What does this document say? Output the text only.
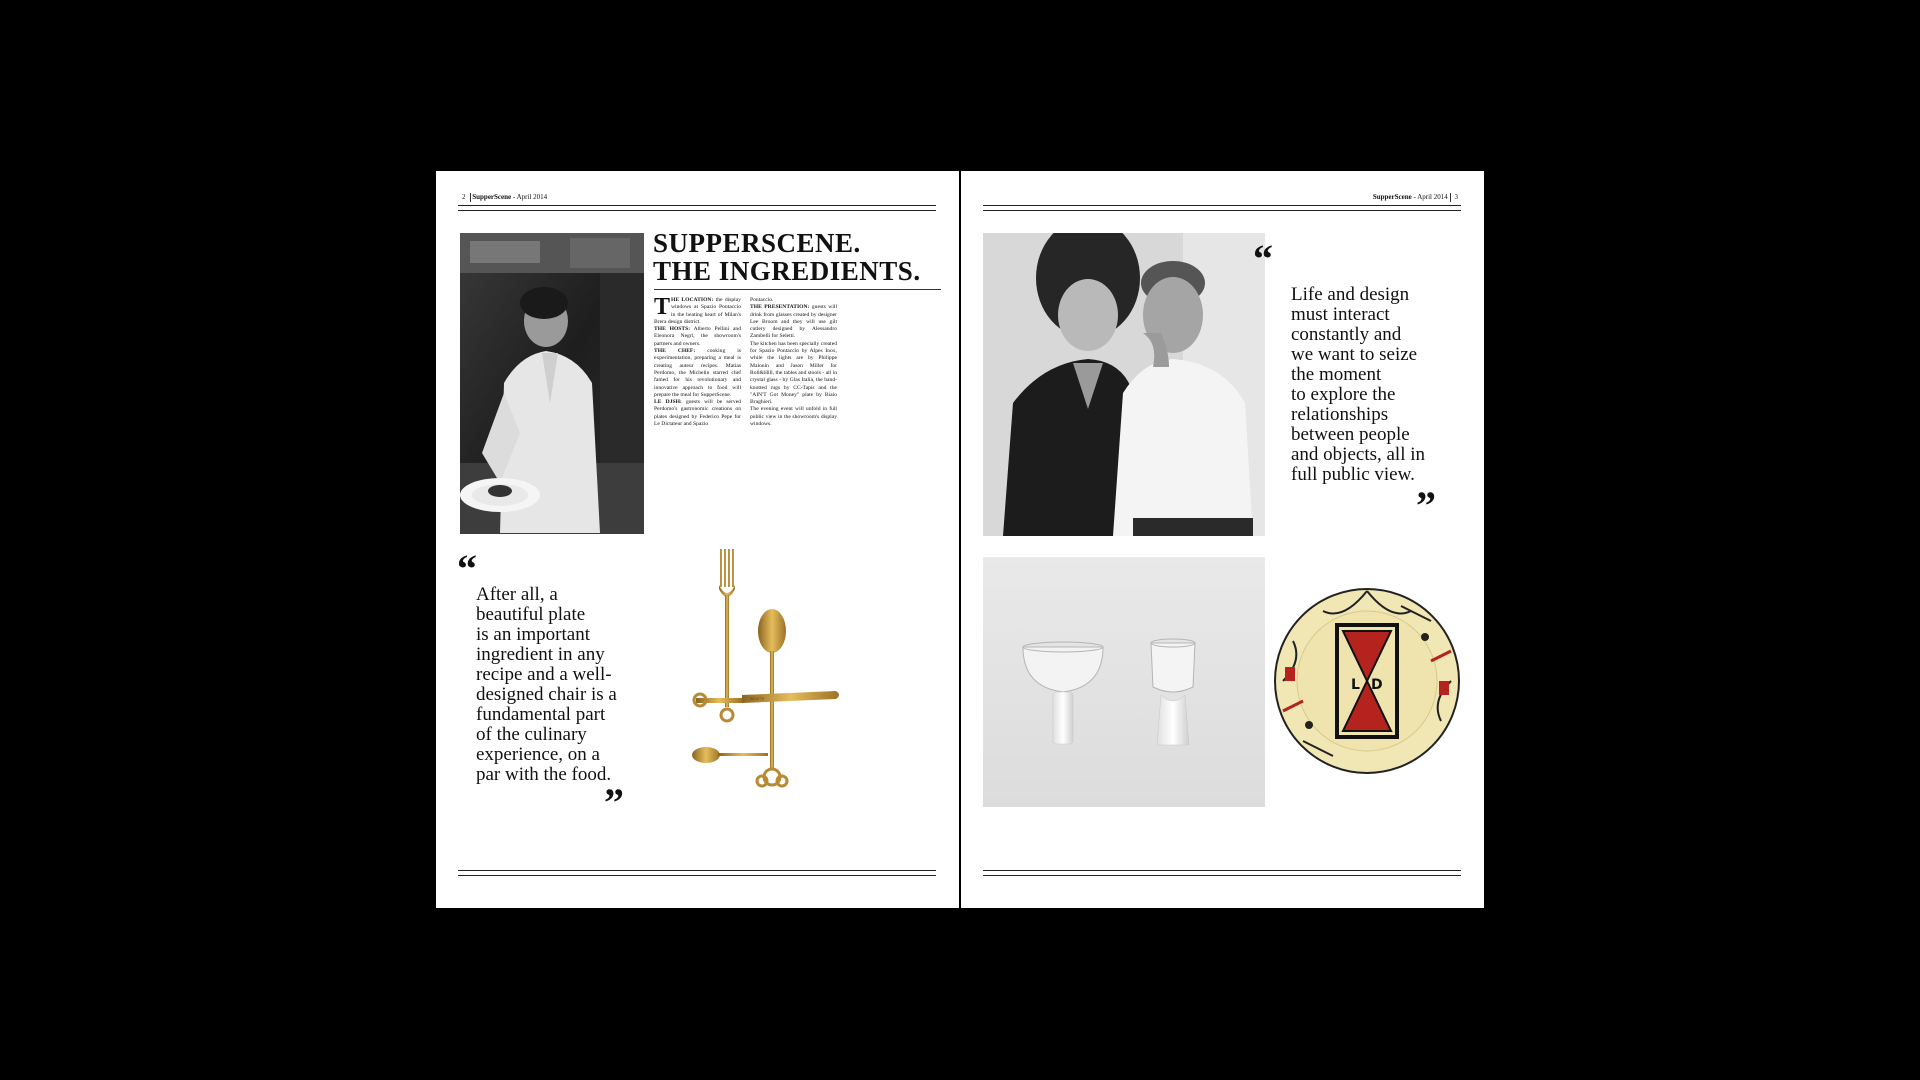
2 SupperScene - April 2014
SUPPERSCENE.
THE INGREDIENTS.

THE LOCATION: the display windows at Spazio Pontaccio in the beating heart of Milan's Brera design district.

THE HOSTS: Alberto Pellini and Eleonora Negri, the showroom's partners and owners.

THE CHEF: cooking is experimentation, preparing a meal is creating auteur recipes. Matias Perdomo, the Michelin starred chef famed for his revolutionary and innovative approach to food will prepare the meal for SupperScene.

LE DJSH: guests will be served Perdomo's gastronomic creations on plates designed by Federico Pepe for Le Dictateur and Spazio

Pontaccio.

THE PRESENTATION: guests will drink from glasses created by designer Lee Broom and they will use gilt cutlery designed by Alessandro Zambelli for Seletti.

The kitchen has been specially created for Spazio Pontaccio by Alpes Inox, while the lights are by Philippe Malouin and Jason Miller for Roll&Hill, the tables and stools - all in crystal glass - by Glas Italia, the hand-knotted rugs by CC-Tapis and the "AIN'T Got Money" plate by Biaio Braghieri.

The evening event will unfold in full public view in the showroom's display windows.

“
After all, a
beautiful plate
is an important
ingredient in any
recipe and a well-
designed chair is a
fundamental part
of the culinary
experience, on a
par with the food.
”
SELETTI
SupperScene - April 2014 3
“
Life and design
must interact
constantly and
we want to seize
the moment
to explore the
relationships
between people
and objects, all in
full public view.
”
L D
